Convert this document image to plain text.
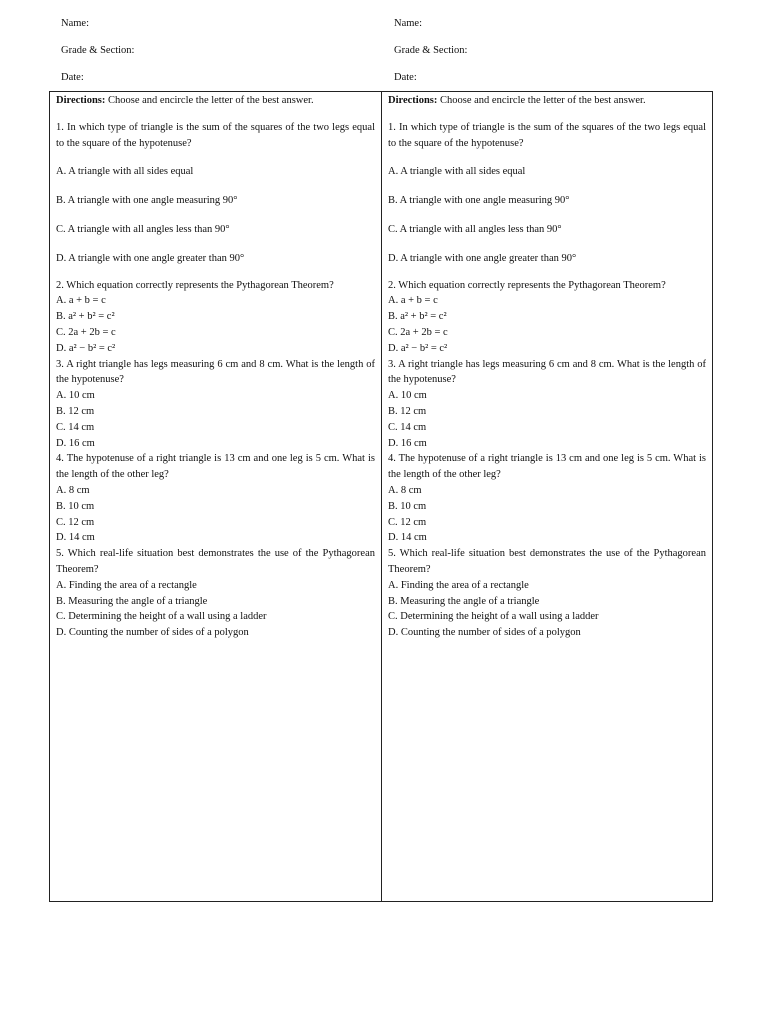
Name:
Grade & Section:
Date:
Name:
Grade & Section:
Date:
Directions: Choose and encircle the letter of the best answer.
1. In which type of triangle is the sum of the squares of the two legs equal to the square of the hypotenuse?
A. A triangle with all sides equal
B. A triangle with one angle measuring 90°
C. A triangle with all angles less than 90°
D. A triangle with one angle greater than 90°
2. Which equation correctly represents the Pythagorean Theorem?
A. a + b = c
B. a² + b² = c²
C. 2a + 2b = c
D. a² − b² = c²
3. A right triangle has legs measuring 6 cm and 8 cm. What is the length of the hypotenuse?
A. 10 cm
B. 12 cm
C. 14 cm
D. 16 cm
4. The hypotenuse of a right triangle is 13 cm and one leg is 5 cm. What is the length of the other leg?
A. 8 cm
B. 10 cm
C. 12 cm
D. 14 cm
5. Which real-life situation best demonstrates the use of the Pythagorean Theorem?
A. Finding the area of a rectangle
B. Measuring the angle of a triangle
C. Determining the height of a wall using a ladder
D. Counting the number of sides of a polygon
Directions: Choose and encircle the letter of the best answer.
1. In which type of triangle is the sum of the squares of the two legs equal to the square of the hypotenuse?
A. A triangle with all sides equal
B. A triangle with one angle measuring 90°
C. A triangle with all angles less than 90°
D. A triangle with one angle greater than 90°
2. Which equation correctly represents the Pythagorean Theorem?
A. a + b = c
B. a² + b² = c²
C. 2a + 2b = c
D. a² − b² = c²
3. A right triangle has legs measuring 6 cm and 8 cm. What is the length of the hypotenuse?
A. 10 cm
B. 12 cm
C. 14 cm
D. 16 cm
4. The hypotenuse of a right triangle is 13 cm and one leg is 5 cm. What is the length of the other leg?
A. 8 cm
B. 10 cm
C. 12 cm
D. 14 cm
5. Which real-life situation best demonstrates the use of the Pythagorean Theorem?
A. Finding the area of a rectangle
B. Measuring the angle of a triangle
C. Determining the height of a wall using a ladder
D. Counting the number of sides of a polygon
